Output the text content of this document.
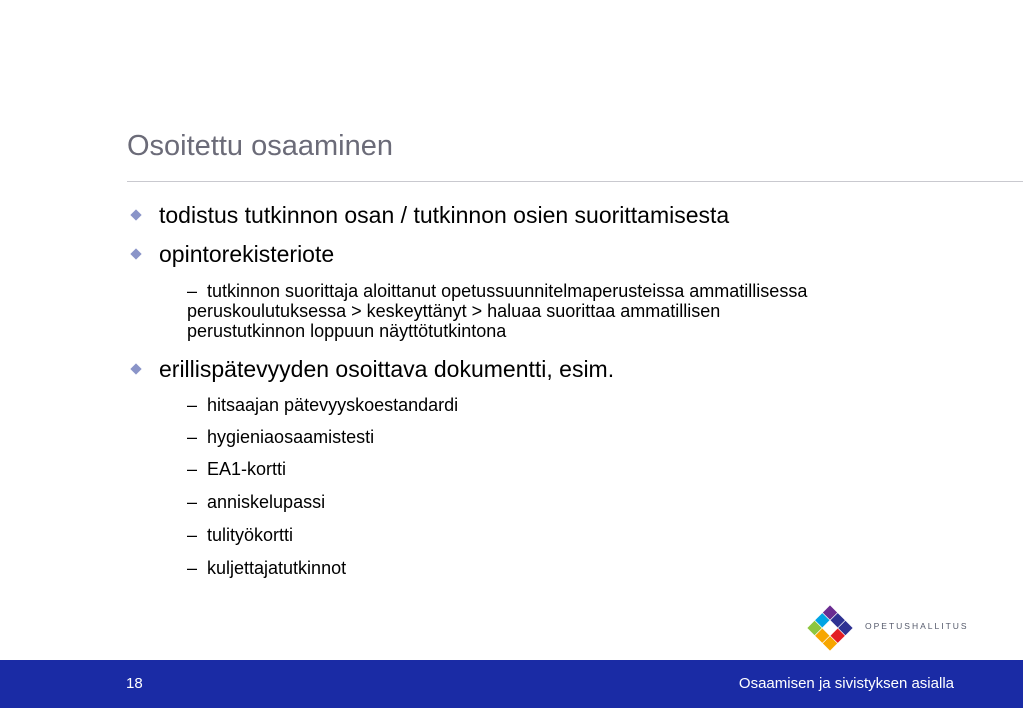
Osoitettu osaaminen
todistus tutkinnon osan / tutkinnon osien suorittamisesta
opintorekisteriote
– tutkinnon suorittaja aloittanut opetussuunnitelmaperusteissa ammatillisessa
peruskoulutuksessa > keskeyttänyt > haluaa suorittaa ammatillisen
perustutkinnon loppuun näyttötutkintona
erillispätevyyden osoittava dokumentti, esim.
– hitsaajan pätevyyskoestandardi
– hygieniaosaamistesti
– EA1-kortti
– anniskelupassi
– tulityökortti
– kuljettajatutkinnot
OPETUSHALLITUS
18	Osaamisen ja sivistyksen asialla
